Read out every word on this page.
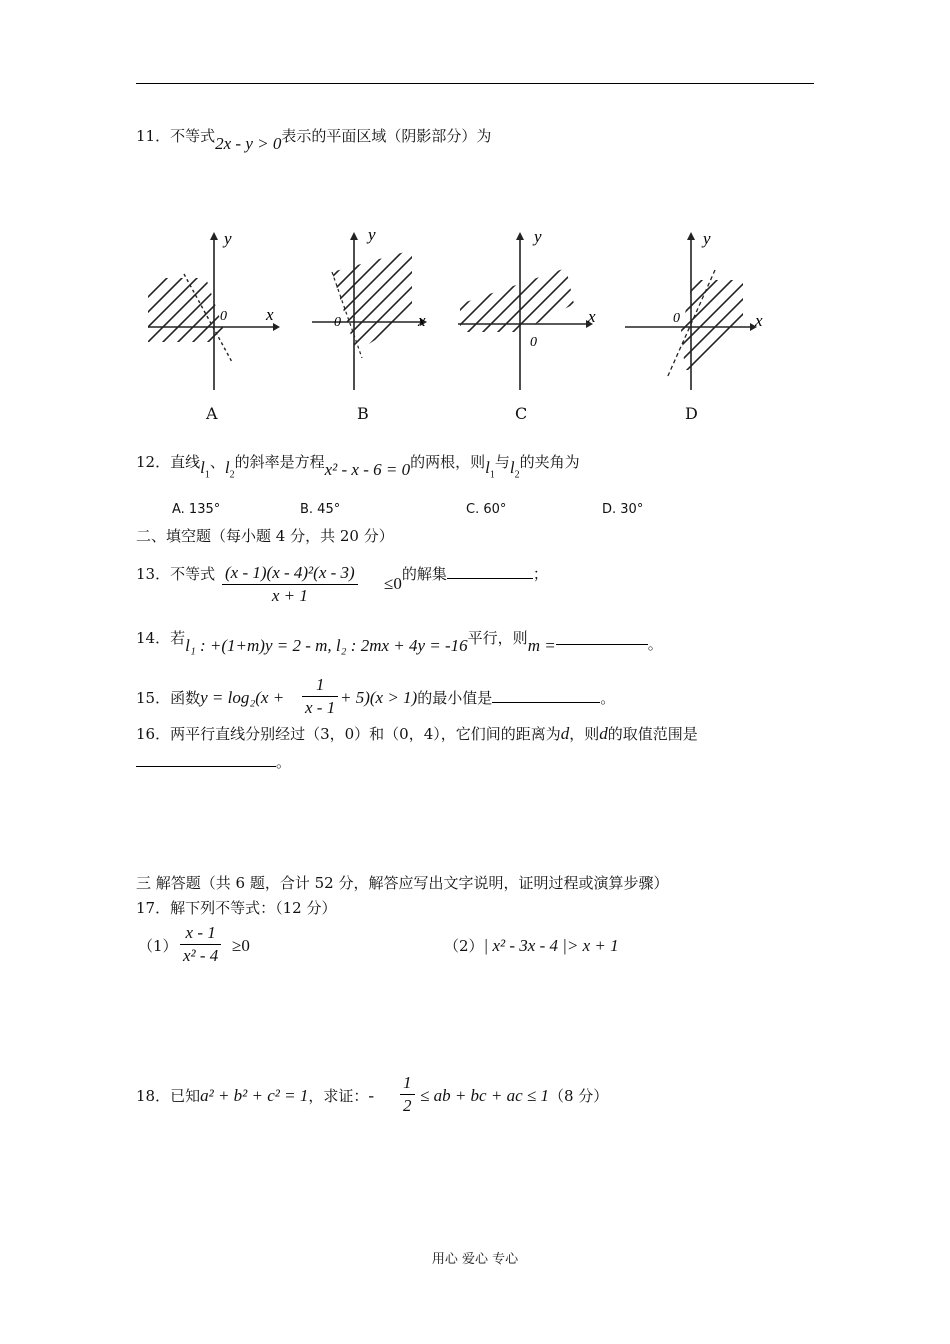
11．不等式2x - y > 0表示的平面区域（阴影部分）为
y
x
0
A
y
x
0
B
y
x
0
C
y
x
0
D
12．直线$l_1$、$l_2$的斜率是方程x² - x - 6 = 0的两根，则$l_1$与$l_2$的夹角为
A. 135°	B. 45°	C. 60°	D. 30°
二、填空题（每小题 4 分，共 20 分）
13．不等式 $\frac{\text{(x - 1)(x - 4)²(x - 3)}}{x + 1} \le 0$的解集	；
14．若l₁ : +(1+m)y = 2 - m, l₂ : 2mx + 4y = -16平行，则m =	。
15．函数$y = \log_2(x + \frac{1}{x - 1} + 5)(x > 1)$的最小值是	。
16．两平行直线分别经过（3，0）和（0，4），它们间的距离为d，则d的取值范围是
。
三 解答题（共 6 题，合计 52 分，解答应写出文字说明，证明过程或演算步骤）
17．解下列不等式：（12 分）
$(1) \frac{x - 1}{\text{x² - 4}} \ge 0$	（2）| x² - 3x - 4 |> x + 1
18．已知a² + b² + c² = 1，求证：- $\frac{1}{2}$ ≤ ab + bc + ac ≤ 1（8 分）
用心 爱心 专心
